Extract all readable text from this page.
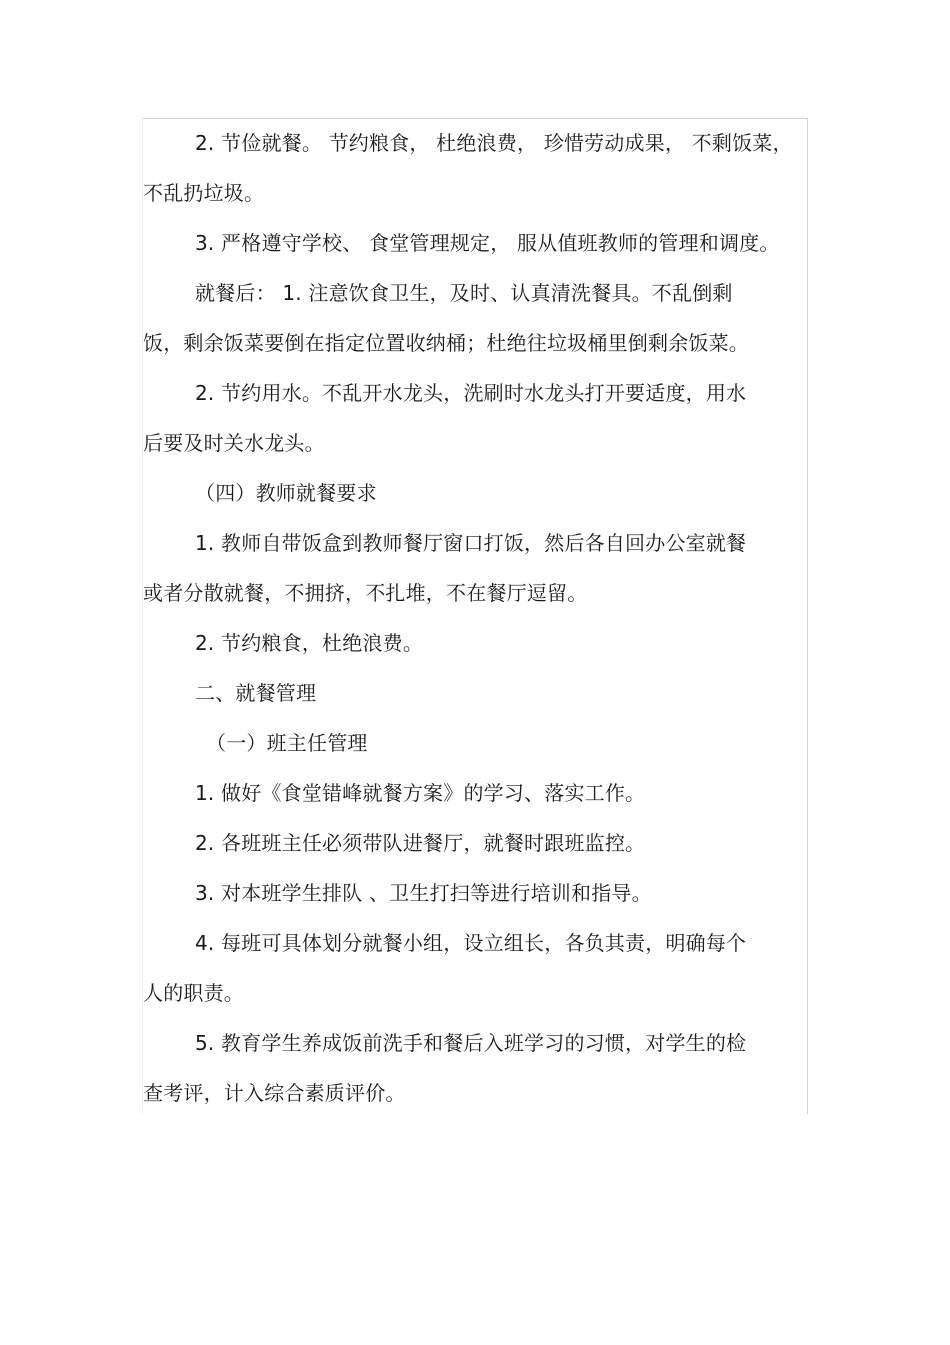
2. 节俭就餐。 节约粮食， 杜绝浪费， 珍惜劳动成果， 不剩饭菜，
不乱扔垃圾。
3. 严格遵守学校、 食堂管理规定， 服从值班教师的管理和调度。
就餐后： 1. 注意饮食卫生，及时、认真清洗餐具。不乱倒剩
饭，剩余饭菜要倒在指定位置收纳桶；杜绝往垃圾桶里倒剩余饭菜。
2. 节约用水。不乱开水龙头，洗刷时水龙头打开要适度，用水
后要及时关水龙头。
（四）教师就餐要求
1. 教师自带饭盒到教师餐厅窗口打饭，然后各自回办公室就餐
或者分散就餐，不拥挤，不扎堆，不在餐厅逗留。
2. 节约粮食，杜绝浪费。
二、就餐管理
（一）班主任管理
1. 做好《食堂错峰就餐方案》的学习、落实工作。
2. 各班班主任必须带队进餐厅，就餐时跟班监控。
3. 对本班学生排队 、卫生打扫等进行培训和指导。
4. 每班可具体划分就餐小组，设立组长，各负其责，明确每个
人的职责。
5. 教育学生养成饭前洗手和餐后入班学习的习惯，对学生的检
查考评，计入综合素质评价。
